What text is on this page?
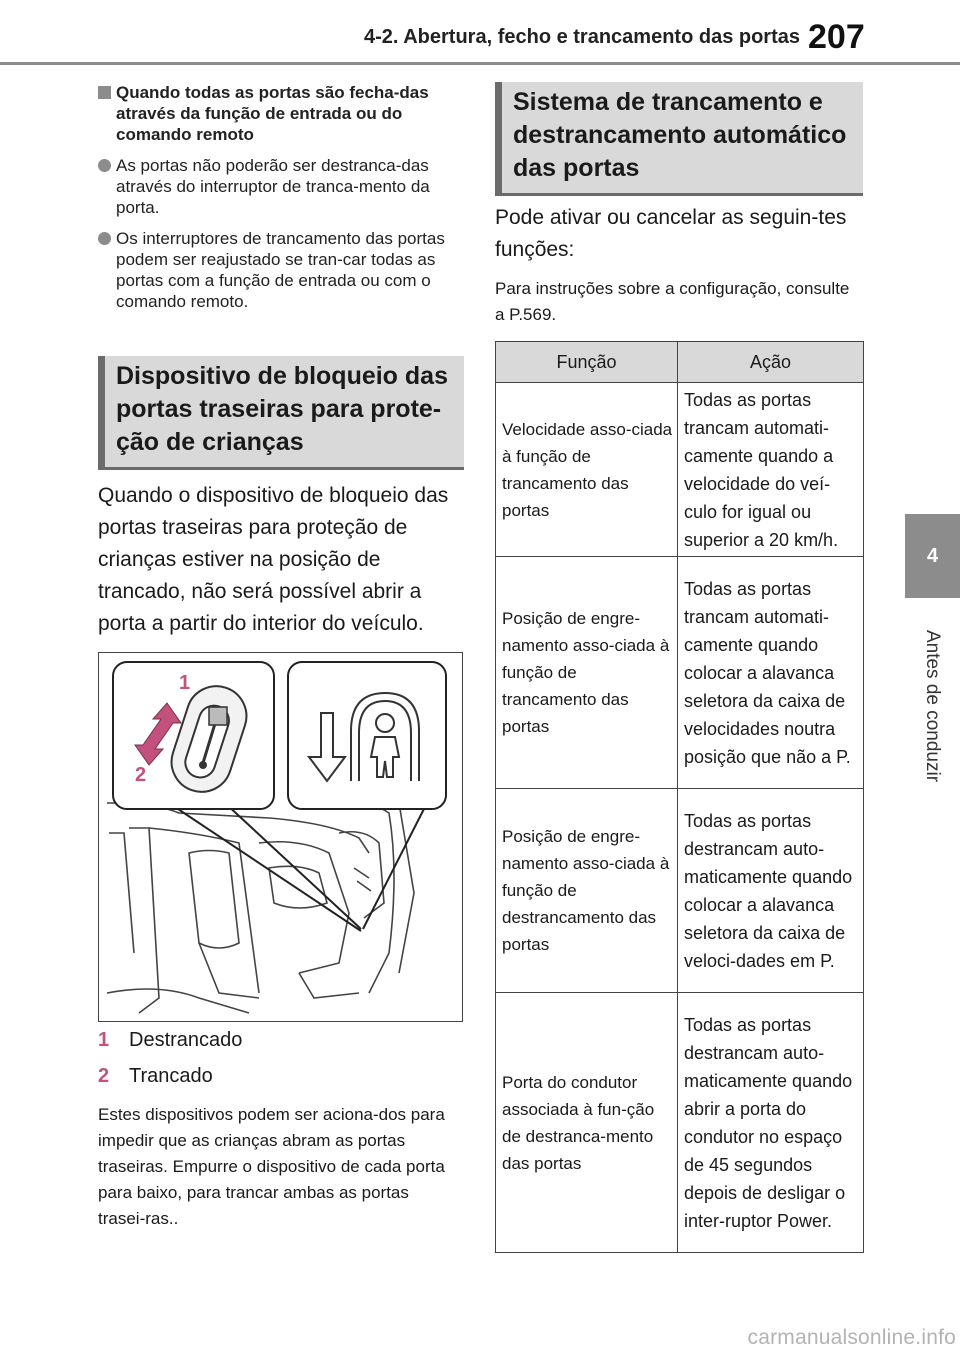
4-2. Abertura, fecho e trancamento das portas 207
4
Antes de conduzir
Quando todas as portas são fecha-das através da função de entrada ou do comando remoto
As portas não poderão ser destranca-das através do interruptor de tranca-mento da porta.
Os interruptores de trancamento das portas podem ser reajustado se tran-car todas as portas com a função de entrada ou com o comando remoto.
Dispositivo de bloqueio das portas traseiras para prote-ção de crianças
Quando o dispositivo de bloqueio das portas traseiras para proteção de crianças estiver na posição de trancado, não será possível abrir a porta a partir do interior do veículo.
1
2
1 Destrancado
2 Trancado
Estes dispositivos podem ser aciona-dos para impedir que as crianças abram as portas traseiras. Empurre o dispositivo de cada porta para baixo, para trancar ambas as portas trasei-ras..
Sistema de trancamento e destrancamento automático das portas
Pode ativar ou cancelar as seguin-tes funções:
Para instruções sobre a configuração, consulte a P.569.
Função	Ação
Velocidade asso-ciada à função de trancamento das portas	Todas as portas trancam automati-camente quando a velocidade do veí-culo for igual ou superior a 20 km/h.
Posição de engre-namento asso-ciada à função de trancamento das portas	Todas as portas trancam automati-camente quando colocar a alavanca seletora da caixa de velocidades noutra posição que não a P.
Posição de engre-namento asso-ciada à função de destrancamento das portas	Todas as portas destrancam auto-maticamente quando colocar a alavanca seletora da caixa de veloci-dades em P.
Porta do condutor associada à fun-ção de destranca-mento das portas	Todas as portas destrancam auto-maticamente quando abrir a porta do condutor no espaço de 45 segundos depois de desligar o inter-ruptor Power.
carmanualsonline.info
